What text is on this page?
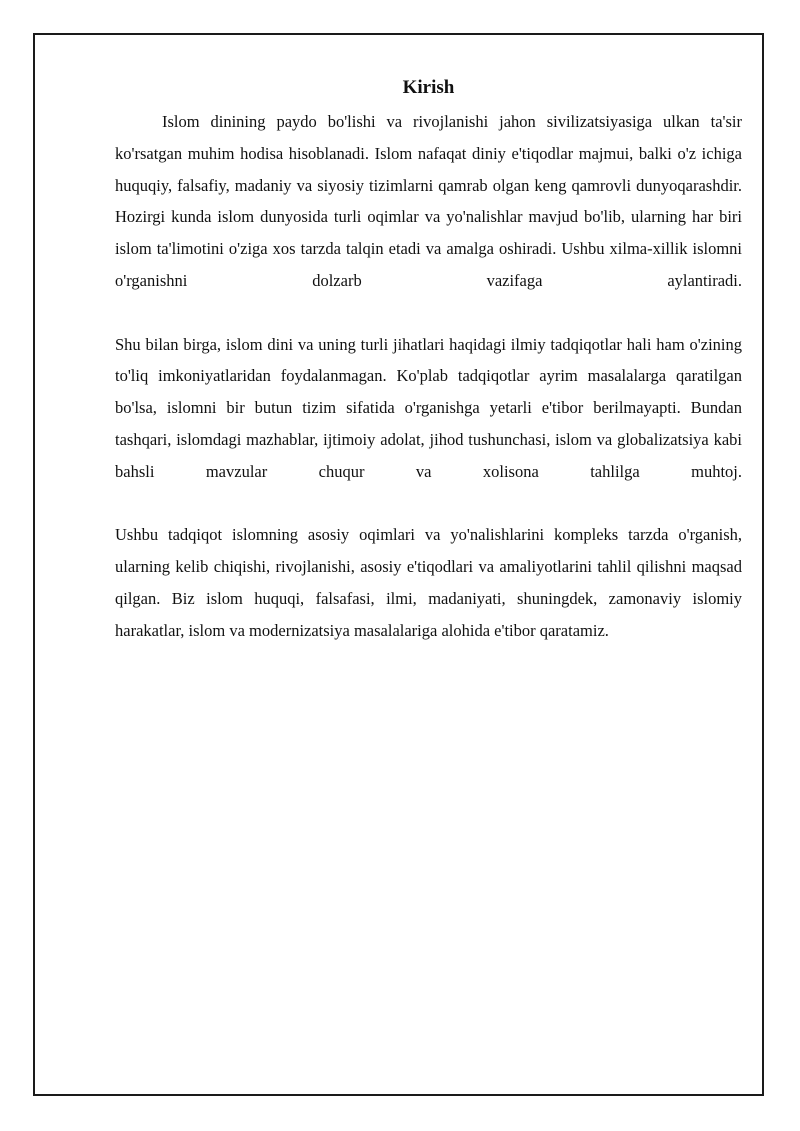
Kirish

Islom dinining paydo bo'lishi va rivojlanishi jahon sivilizatsiyasiga ulkan ta'sir ko'rsatgan muhim hodisa hisoblanadi. Islom nafaqat diniy e'tiqodlar majmui, balki o'z ichiga huquqiy, falsafiy, madaniy va siyosiy tizimlarni qamrab olgan keng qamrovli dunyoqarashdir. Hozirgi kunda islom dunyosida turli oqimlar va yo'nalishlar mavjud bo'lib, ularning har biri islom ta'limotini o'ziga xos tarzda talqin etadi va amalga oshiradi. Ushbu xilma-xillik islomni o'rganishni dolzarb vazifaga aylantiradi.

Shu bilan birga, islom dini va uning turli jihatlari haqidagi ilmiy tadqiqotlar hali ham o'zining to'liq imkoniyatlaridan foydalanmagan. Ko'plab tadqiqotlar ayrim masalalarga qaratilgan bo'lsa, islomni bir butun tizim sifatida o'rganishga yetarli e'tibor berilmayapti. Bundan tashqari, islomdagi mazhablar, ijtimoiy adolat, jihod tushunchasi, islom va globalizatsiya kabi bahsli mavzular chuqur va xolisona tahlilga muhtoj.

Ushbu tadqiqot islomning asosiy oqimlari va yo'nalishlarini kompleks tarzda o'rganish, ularning kelib chiqishi, rivojlanishi, asosiy e'tiqodlari va amaliyotlarini tahlil qilishni maqsad qilgan. Biz islom huquqi, falsafasi, ilmi, madaniyati, shuningdek, zamonaviy islomiy harakatlar, islom va modernizatsiya masalalariga alohida e'tibor qaratamiz.
